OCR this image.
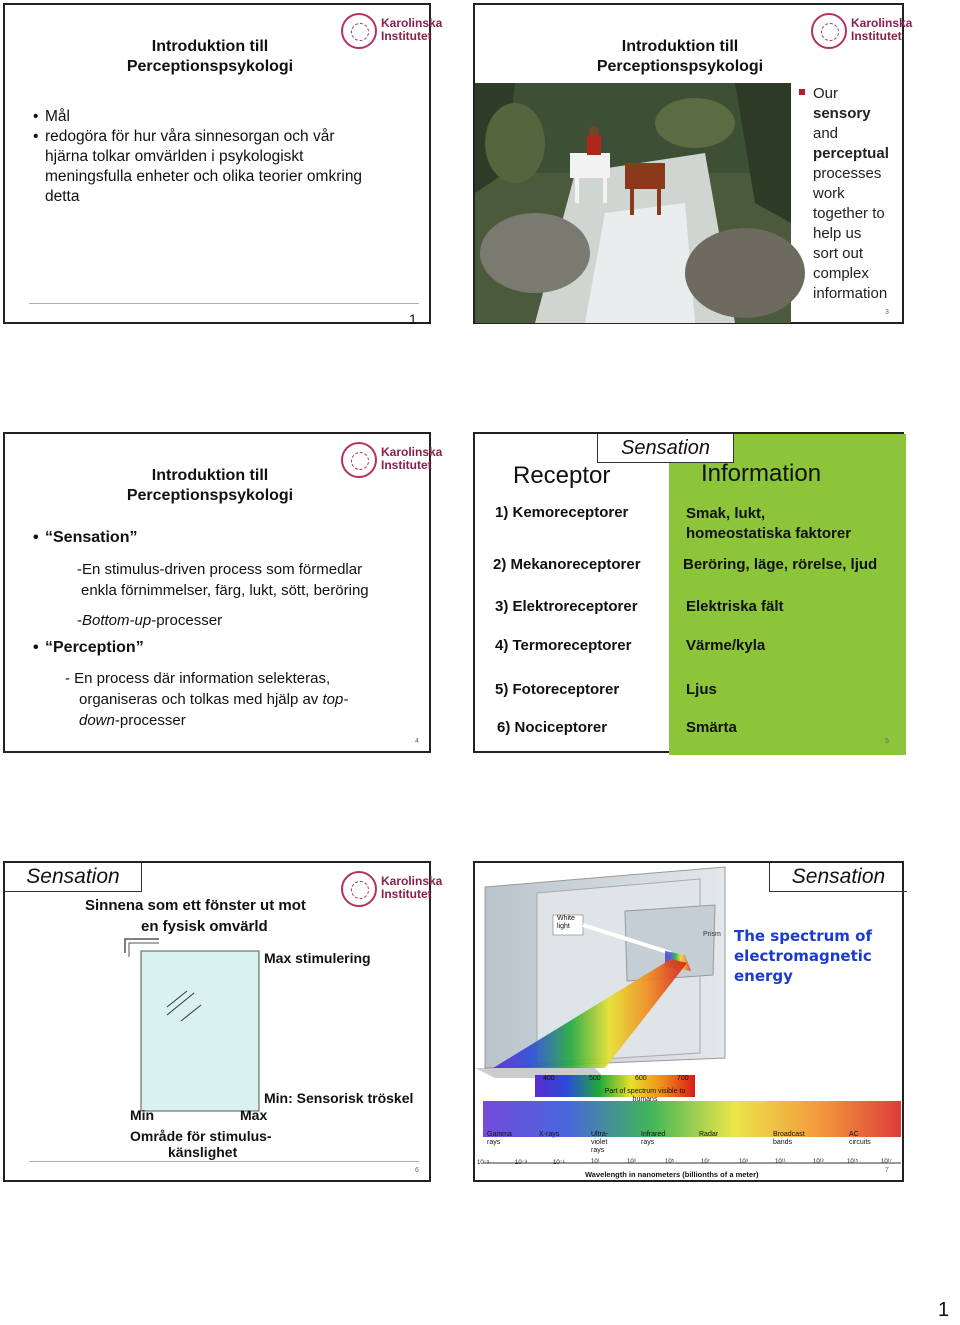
Karolinska
Institutet
Introduktion till
Perceptionspsykologi
• Mål
• redogöra för hur våra sinnesorgan och vår hjärna tolkar omvärlden i psykologiskt meningsfulla enheter och olika teorier omkring detta
1
Karolinska
Institutet
Introduktion till
Perceptionspsykologi
Our
sensory
and
perceptual
processes
work
together to
help us
sort out
complex
information
3
Karolinska
Institutet
Introduktion till
Perceptionspsykologi
• “Sensation”
-En stimulus-driven process som förmedlar
enkla förnimmelser, färg, lukt, sött, beröring
-Bottom-up-processer
• “Perception”
- En process där information selekteras,
organiseras och tolkas med hjälp av top-
down-processer
4
Sensation
Receptor	Information
1) Kemoreceptorer	Smak, lukt,
homeostatiska faktorer
2) Mekanoreceptorer	Beröring, läge, rörelse, ljud
3) Elektroreceptorer	Elektriska fält
4) Termoreceptorer	Värme/kyla
5) Fotoreceptorer	Ljus
6) Nociceptorer	Smärta
5
Sensation	Karolinska
Institutet
Sinnena som ett fönster ut mot
en fysisk omvärld
Max stimulering
Min: Sensorisk tröskel
Min	Max
Område för stimulus-
känslighet
6
Sensation
White light
Prism The spectrum of
electromagnetic
energy
400	500	600	700
Part of spectrum visible to humans
Gamma rays
X-rays	Ultra-violet rays
Infrared rays
Radar	Broadcast bands
AC circuits
10⁻⁵	10⁻³	10⁻¹	10¹	10³	10⁵	10⁷	10⁹	10¹¹	10¹³	10¹⁵	10¹⁷
Wavelength in nanometers (billionths of a meter)	7
1
